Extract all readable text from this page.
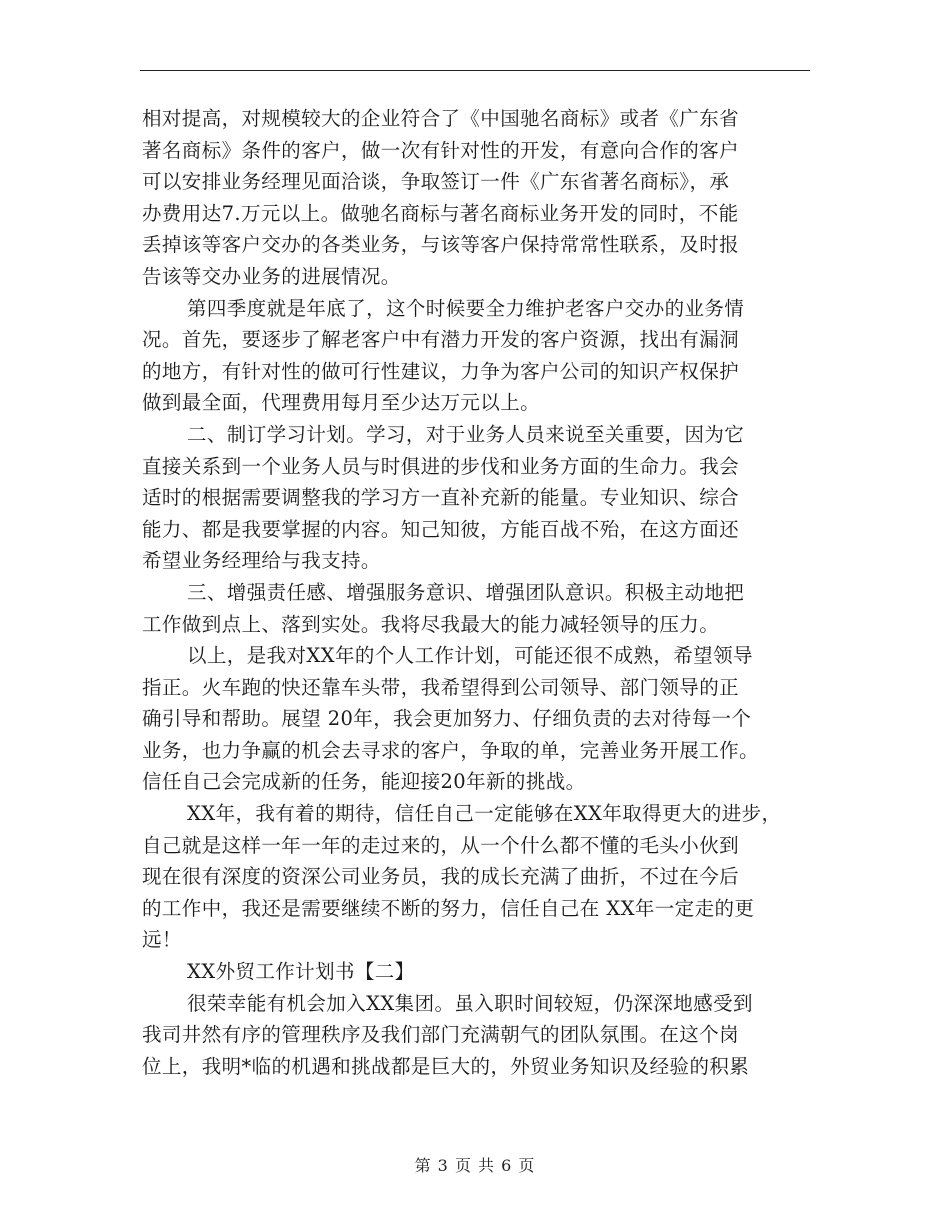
相对提高，对规模较大的企业符合了《中国驰名商标》或者《广东省
著名商标》条件的客户，做一次有针对性的开发，有意向合作的客户
可以安排业务经理见面洽谈，争取签订一件《广东省著名商标》，承
办费用达7.万元以上。做驰名商标与著名商标业务开发的同时，不能
丢掉该等客户交办的各类业务，与该等客户保持常常性联系，及时报
告该等交办业务的进展情况。
第四季度就是年底了，这个时候要全力维护老客户交办的业务情
况。首先，要逐步了解老客户中有潜力开发的客户资源，找出有漏洞
的地方，有针对性的做可行性建议，力争为客户公司的知识产权保护
做到最全面，代理费用每月至少达万元以上。
二、制订学习计划。学习，对于业务人员来说至关重要，因为它
直接关系到一个业务人员与时俱进的步伐和业务方面的生命力。我会
适时的根据需要调整我的学习方一直补充新的能量。专业知识、综合
能力、都是我要掌握的内容。知己知彼，方能百战不殆，在这方面还
希望业务经理给与我支持。
三、增强责任感、增强服务意识、增强团队意识。积极主动地把
工作做到点上、落到实处。我将尽我最大的能力减轻领导的压力。
以上，是我对XX年的个人工作计划，可能还很不成熟，希望领导
指正。火车跑的快还靠车头带，我希望得到公司领导、部门领导的正
确引导和帮助。展望 20年，我会更加努力、仔细负责的去对待每一个
业务，也力争赢的机会去寻求的客户，争取的单，完善业务开展工作。
信任自己会完成新的任务，能迎接20年新的挑战。
XX年，我有着的期待，信任自己一定能够在XX年取得更大的进步，
自己就是这样一年一年的走过来的，从一个什么都不懂的毛头小伙到
现在很有深度的资深公司业务员，我的成长充满了曲折，不过在今后
的工作中，我还是需要继续不断的努力，信任自己在 XX年一定走的更
远！
XX外贸工作计划书【二】
很荣幸能有机会加入XX集团。虽入职时间较短，仍深深地感受到
我司井然有序的管理秩序及我们部门充满朝气的团队氛围。在这个岗
位上，我明*临的机遇和挑战都是巨大的，外贸业务知识及经验的积累
第 3 页 共 6 页
